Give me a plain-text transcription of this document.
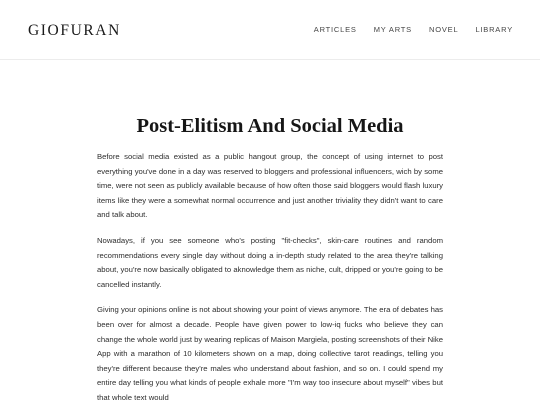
GIOFURAN	ARTICLES MY ARTS NOVEL LIBRARY
Post-Elitism And Social Media

Before social media existed as a public hangout group, the concept of using internet to post everything you've done in a day was reserved to bloggers and professional influencers, wich by some time, were not seen as publicly available because of how often those said bloggers would flash luxury items like they were a somewhat normal occurrence and just another triviality they didn't want to care and talk about.

Nowadays, if you see someone who's posting "fit-checks", skin-care routines and random recommendations every single day without doing a in-depth study related to the area they're talking about, you're now basically obligated to aknowledge them as niche, cult, dripped or you're going to be cancelled instantly.

Giving your opinions online is not about showing your point of views anymore. The era of debates has been over for almost a decade. People have given power to low-iq fucks who believe they can change the whole world just by wearing replicas of Maison Margiela, posting screenshots of their Nike App with a marathon of 10 kilometers shown on a map, doing collective tarot readings, telling you they're different because they're males who understand about fashion, and so on. I could spend my entire day telling you what kinds of people exhale more "I'm way too insecure about myself" vibes but that whole text would
